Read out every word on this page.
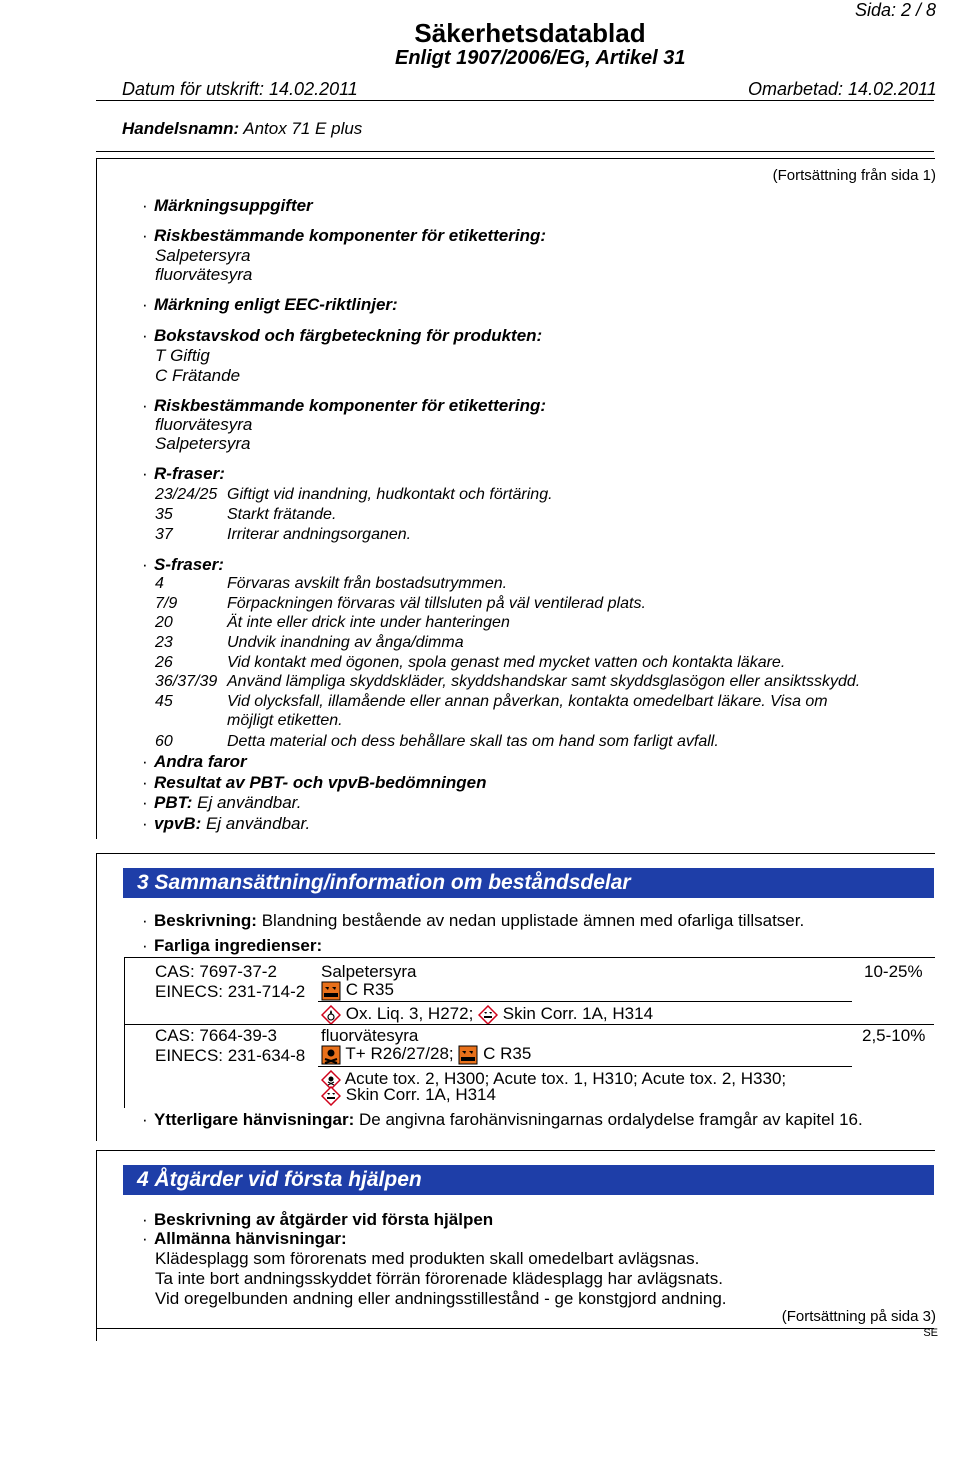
Sida: 2 / 8
Säkerhetsdatablad
Enligt 1907/2006/EG, Artikel 31
Datum för utskrift: 14.02.2011	Omarbetad: 14.02.2011
Handelsnamn: Antox 71 E plus
(Fortsättning från sida 1)
· Märkningsuppgifter
· Riskbestämmande komponenter för etikettering:
Salpetersyra
fluorvätesyra
· Märkning enligt EEC-riktlinjer:
· Bokstavskod och färgbeteckning för produkten:
T Giftig
C Frätande
· Riskbestämmande komponenter för etikettering:
fluorvätesyra
Salpetersyra
· R-fraser:
23/24/25 Giftigt vid inandning, hudkontakt och förtäring.
35	Starkt frätande.
37	Irriterar andningsorganen.
· S-fraser:
4	Förvaras avskilt från bostadsutrymmen.
7/9	Förpackningen förvaras väl tillsluten på väl ventilerad plats.
20	Ät inte eller drick inte under hanteringen
23	Undvik inandning av ånga/dimma
26	Vid kontakt med ögonen, spola genast med mycket vatten och kontakta läkare.
36/37/39 Använd lämpliga skyddskläder, skyddshandskar samt skyddsglasögon eller ansiktsskydd.
45	Vid olycksfall, illamående eller annan påverkan, kontakta omedelbart läkare. Visa om
möjligt etiketten.
60	Detta material och dess behållare skall tas om hand som farligt avfall.
· Andra faror
· Resultat av PBT- och vpvB-bedömningen
· PBT: Ej användbar.
· vpvB: Ej användbar.
3 Sammansättning/information om beståndsdelar
· Beskrivning: Blandning bestående av nedan upplistade ämnen med ofarliga tillsatser.
· Farliga ingredienser:
CAS: 7697-37-2	Salpetersyra	10-25%
EINECS: 231-714-2	C R35
Ox. Liq. 3, H272; Skin Corr. 1A, H314
CAS: 7664-39-3	fluorvätesyra	2,5-10%
EINECS: 231-634-8	T+ R26/27/28; C R35
Acute tox. 2, H300; Acute tox. 1, H310; Acute tox. 2, H330;
Skin Corr. 1A, H314
· Ytterligare hänvisningar: De angivna farohänvisningarnas ordalydelse framgår av kapitel 16.
4 Åtgärder vid första hjälpen
· Beskrivning av åtgärder vid första hjälpen
· Allmänna hänvisningar:
Klädesplagg som förorenats med produkten skall omedelbart avlägsnas.
Ta inte bort andningsskyddet förrän förorenade klädesplagg har avlägsnats.
Vid oregelbunden andning eller andningsstillestånd - ge konstgjord andning.
(Fortsättning på sida 3)
SE
